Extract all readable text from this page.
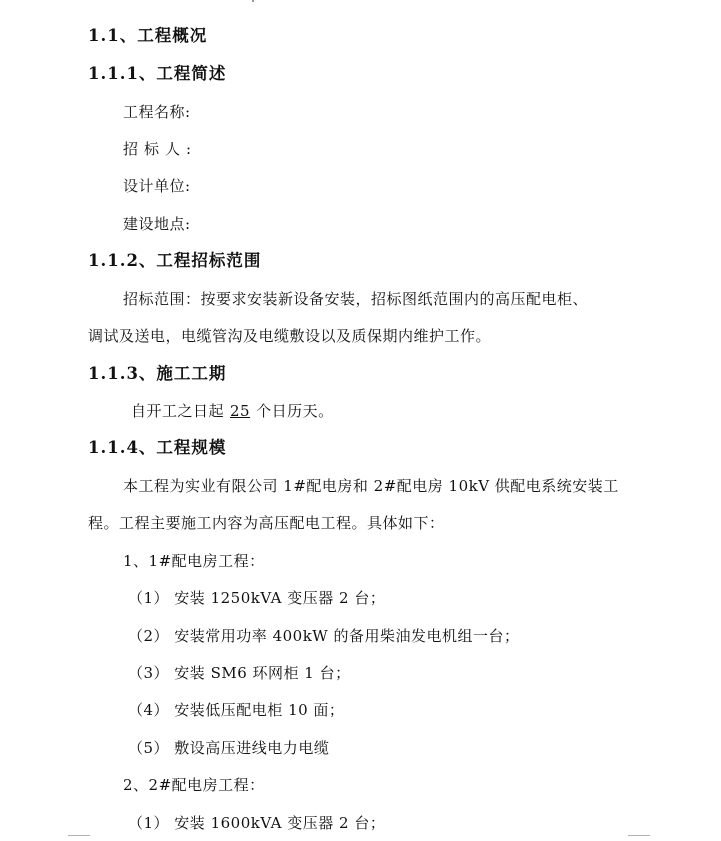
1.1、工程概况
1.1.1、工程简述
工程名称:
招标人:
设计单位:
建设地点:
1.1.2、工程招标范围
招标范围：按要求安装新设备安装，招标图纸范围内的高压配电柜、
调试及送电，电缆管沟及电缆敷设以及质保期内维护工作。
1.1.3、施工工期
自开工之日起 25 个日历天。
1.1.4、工程规模
本工程为实业有限公司 1#配电房和 2#配电房 10kV 供配电系统安装工
程。工程主要施工内容为高压配电工程。具体如下：
1、1#配电房工程：
（1） 安装 1250kVA 变压器 2 台；
（2） 安装常用功率 400kW 的备用柴油发电机组一台；
（3） 安装 SM6 环网柜 1 台；
（4） 安装低压配电柜 10 面；
（5） 敷设高压进线电力电缆
2、2#配电房工程：
（1） 安装 1600kVA 变压器 2 台；
